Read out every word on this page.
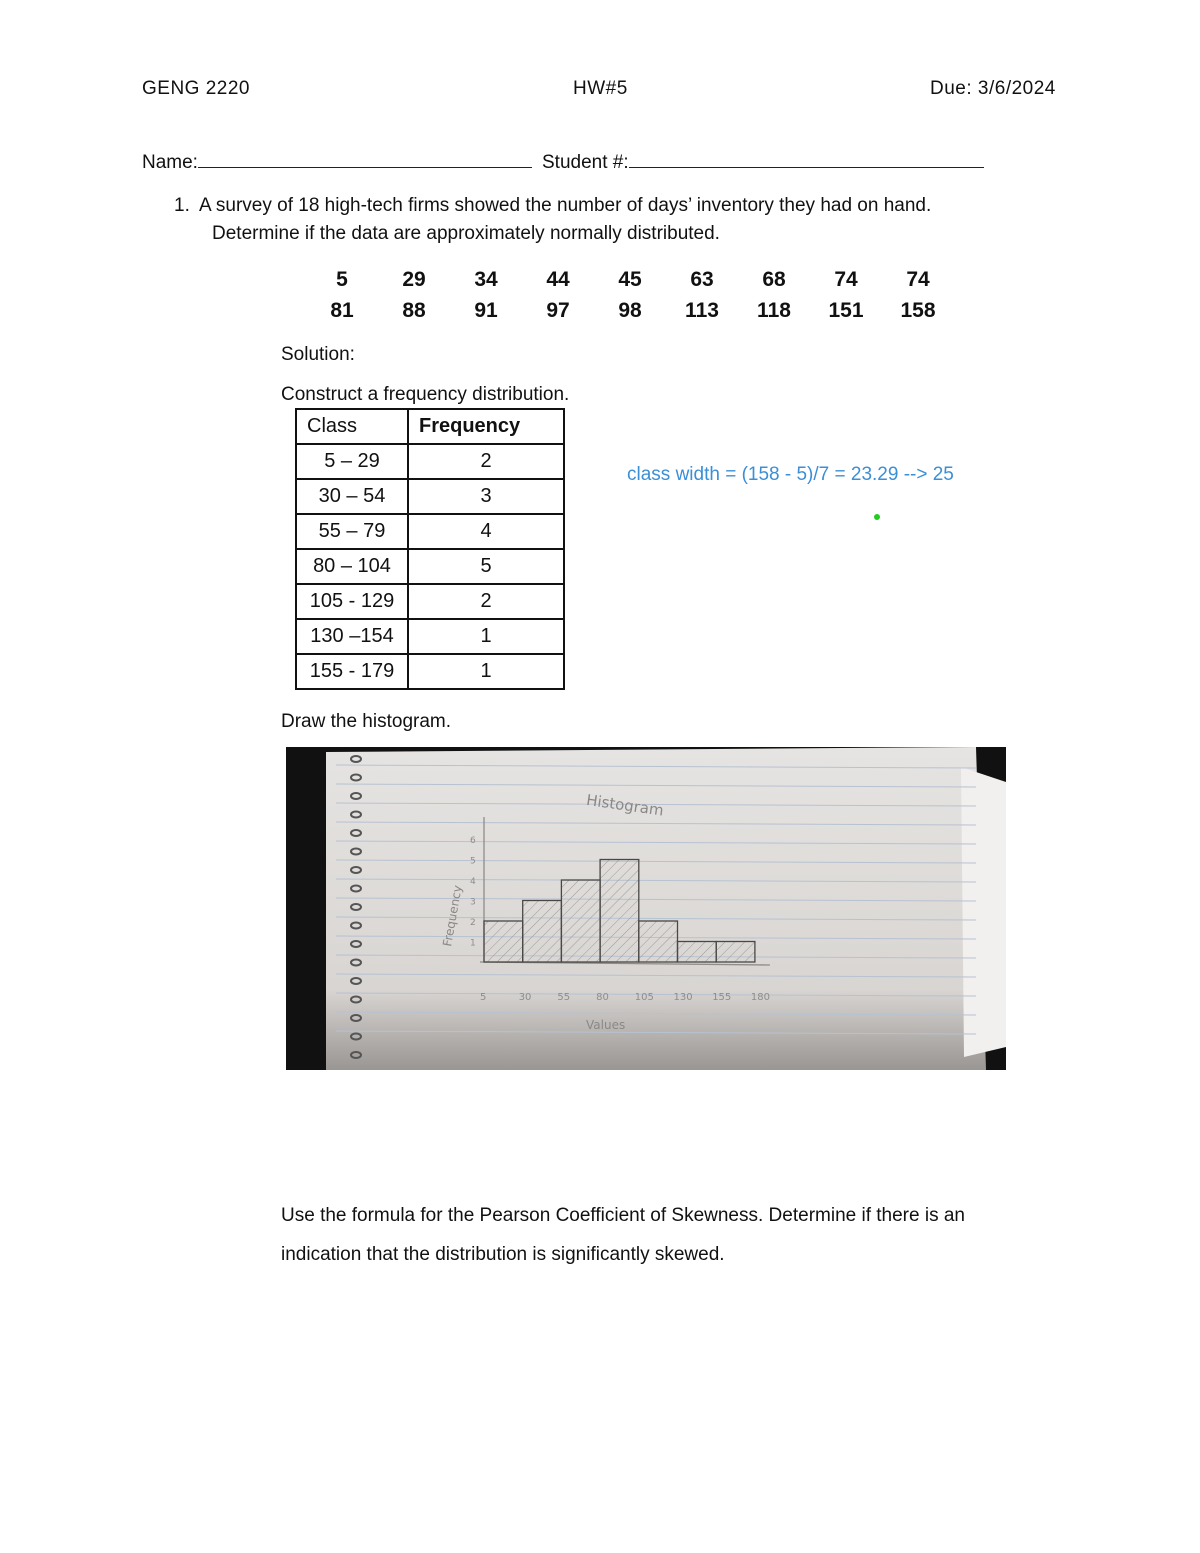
GENG 2220	HW#5	Due: 3/6/2024
Name:	Student #:
1. A survey of 18 high-tech firms showed the number of days’ inventory they had on hand.
Determine if the data are approximately normally distributed.
5	29	34	44	45	63	68	74	74
81	88	91	97	98	113	118	151	158
Solution:
Construct a frequency distribution.
Class	Frequency
5 – 29	2
30 – 54	3
55 – 79	4
80 – 104	5
105 - 129	2
130 –154	1
155 - 179	1
class width = (158 - 5)/7 = 23.29 --> 25
Draw the histogram.
Histogram
Frequency
Values
1
2
3
4
5
6
5	30	55	80	105 130 155 180
Use the formula for the Pearson Coefficient of Skewness. Determine if there is an
indication that the distribution is significantly skewed.
